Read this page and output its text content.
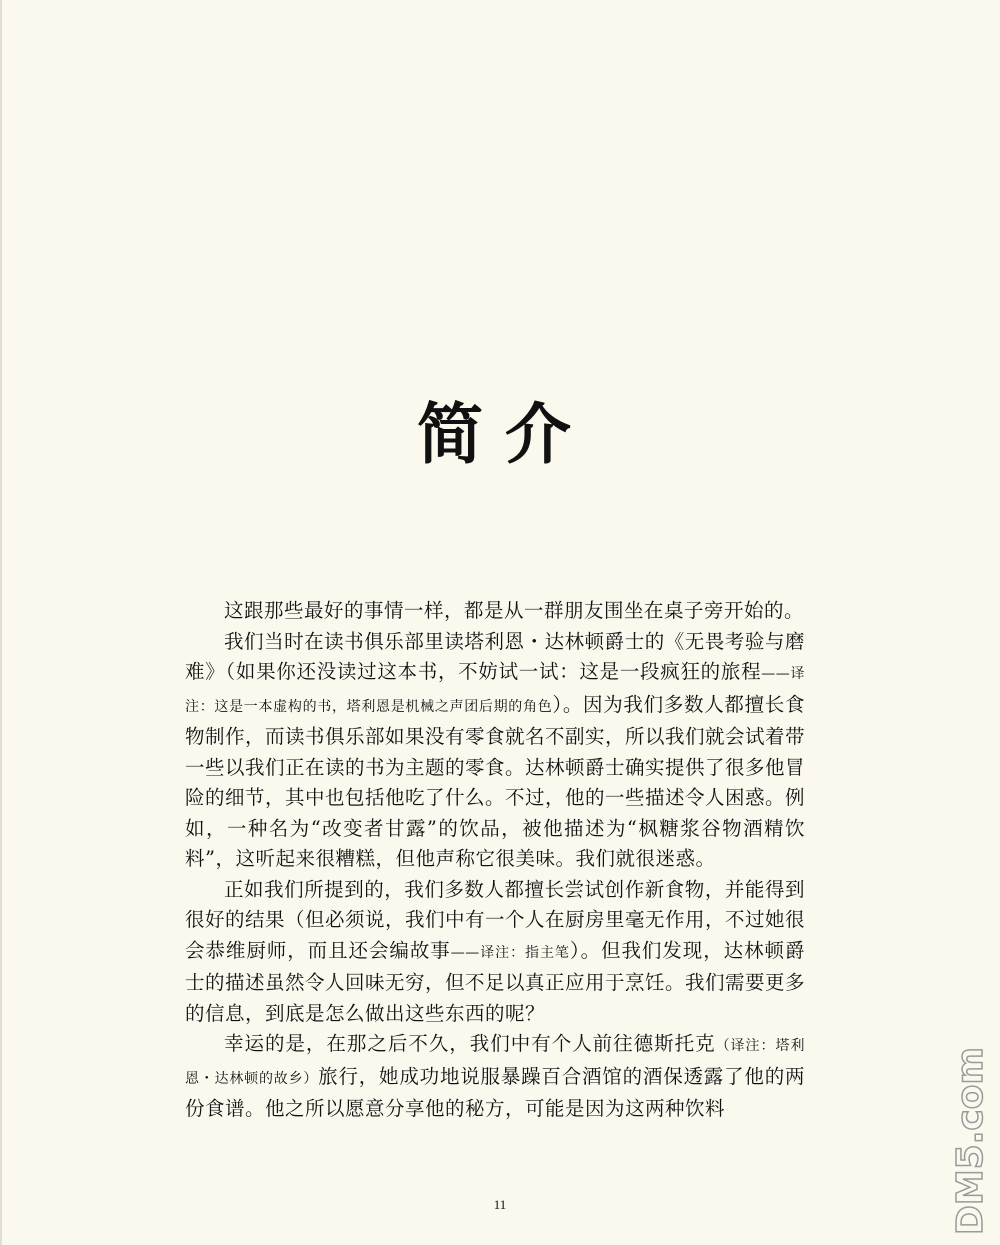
简介

这跟那些最好的事情一样，都是从一群朋友围坐在桌子旁开始的。

我们当时在读书俱乐部里读塔利恩・达林顿爵士的《无畏考验与磨难》（如果你还没读过这本书，不妨试一试：这是一段疯狂的旅程——译注：这是一本虚构的书，塔利恩是机械之声团后期的角色）。因为我们多数人都擅长食物制作，而读书俱乐部如果没有零食就名不副实，所以我们就会试着带一些以我们正在读的书为主题的零食。达林顿爵士确实提供了很多他冒险的细节，其中也包括他吃了什么。不过，他的一些描述令人困惑。例如，一种名为“改变者甘露”的饮品，被他描述为“枫糖浆谷物酒精饮料”，这听起来很糟糕，但他声称它很美味。我们就很迷惑。

正如我们所提到的，我们多数人都擅长尝试创作新食物，并能得到很好的结果（但必须说，我们中有一个人在厨房里毫无作用，不过她很会恭维厨师，而且还会编故事——译注：指主笔）。但我们发现，达林顿爵士的描述虽然令人回味无穷，但不足以真正应用于烹饪。我们需要更多的信息，到底是怎么做出这些东西的呢？

幸运的是，在那之后不久，我们中有个人前往德斯托克（译注：塔利恩・达林顿的故乡）旅行，她成功地说服暴躁百合酒馆的酒保透露了他的两份食谱。他之所以愿意分享他的秘方，可能是因为这两种饮料

11	DM5.com
